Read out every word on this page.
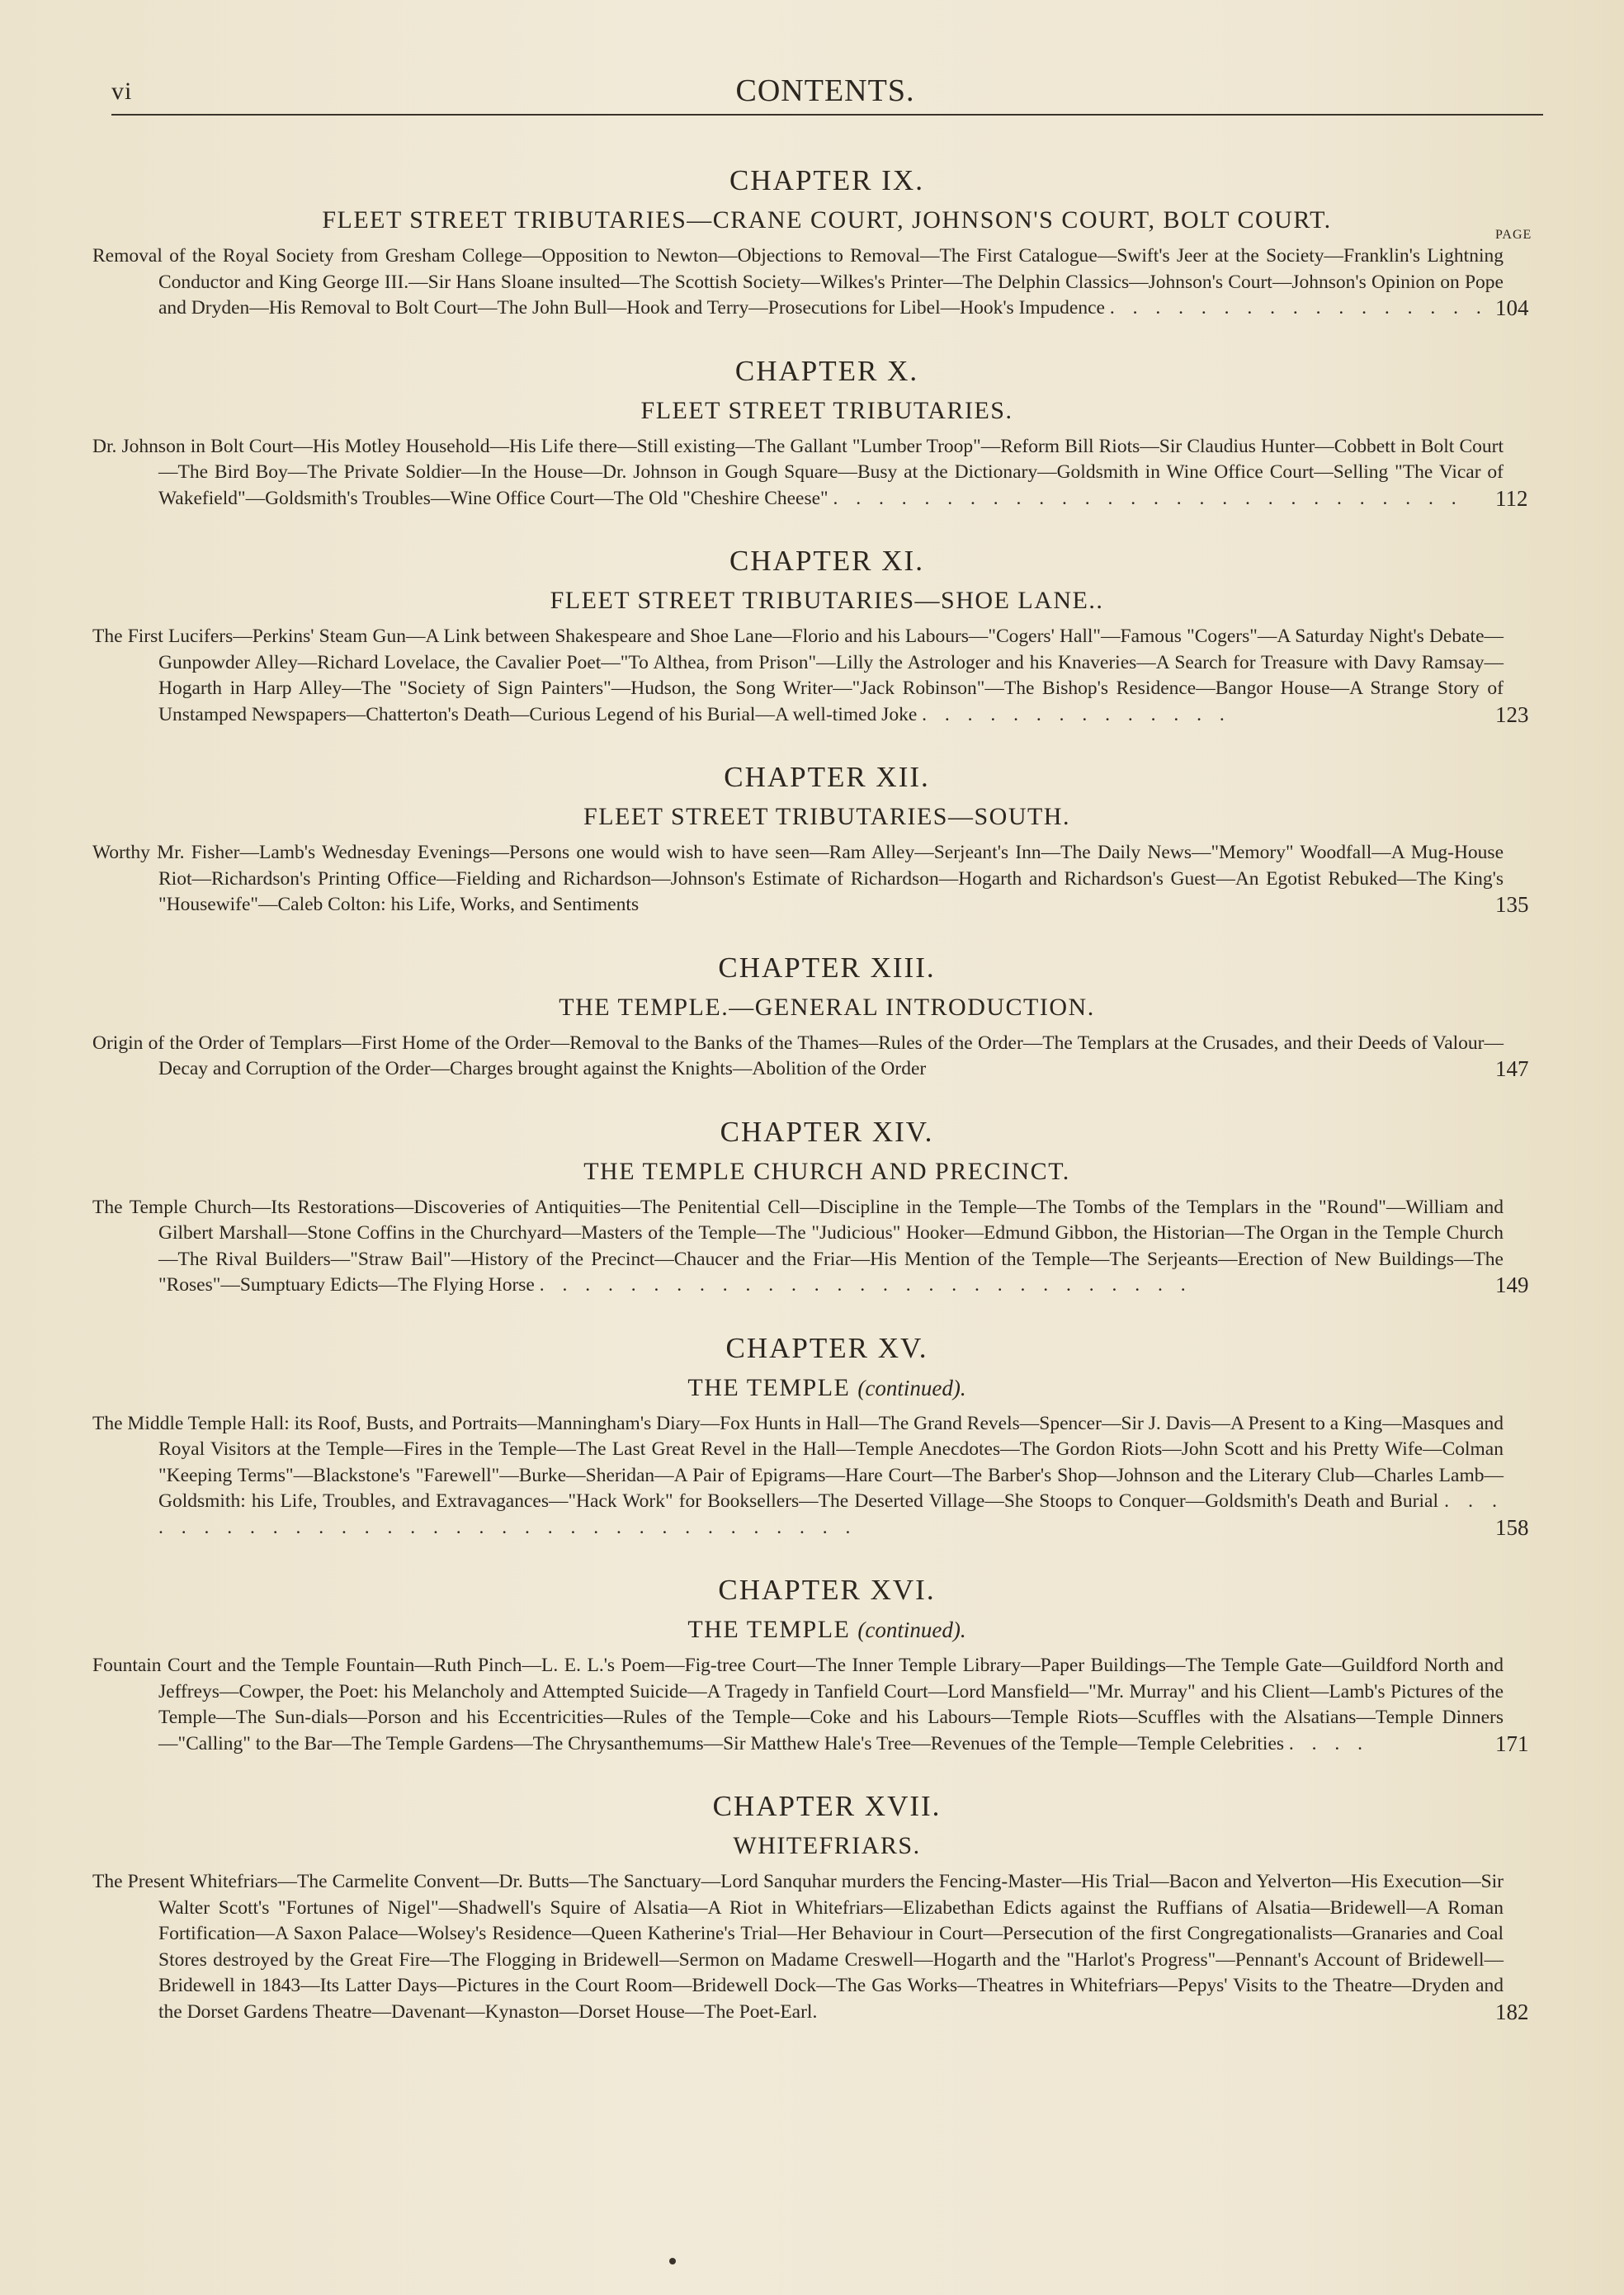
vi	CONTENTS.
CHAPTER IX.
FLEET STREET TRIBUTARIES—CRANE COURT, JOHNSON'S COURT, BOLT COURT.

PAGE
Removal of the Royal Society from Gresham College—Opposition to Newton—Objections to Removal—The First Catalogue—Swift's Jeer at the Society—Franklin's Lightning Conductor and King George III.—Sir Hans Sloane insulted—The Scottish Society—Wilkes's Printer—The Delphin Classics—Johnson's Court—Johnson's Opinion on Pope and Dryden—His Removal to Bolt Court—The John Bull—Hook and Terry—Prosecutions for Libel—Hook's Impudence . . . . . . . . . . . . . . . . . 104

CHAPTER X.
FLEET STREET TRIBUTARIES.

Dr. Johnson in Bolt Court—His Motley Household—His Life there—Still existing—The Gallant "Lumber Troop"—Reform Bill Riots—Sir Claudius Hunter—Cobbett in Bolt Court—The Bird Boy—The Private Soldier—In the House—Dr. Johnson in Gough Square—Busy at the Dictionary—Goldsmith in Wine Office Court—Selling "The Vicar of Wakefield"—Goldsmith's Troubles—Wine Office Court—The Old "Cheshire Cheese" . . . . . . . . . . . . . . . . . . . . . . . . . . . . 112

CHAPTER XI.
FLEET STREET TRIBUTARIES—SHOE LANE..

The First Lucifers—Perkins' Steam Gun—A Link between Shakespeare and Shoe Lane—Florio and his Labours—"Cogers' Hall"—Famous "Cogers"—A Saturday Night's Debate—Gunpowder Alley—Richard Lovelace, the Cavalier Poet—"To Althea, from Prison"—Lilly the Astrologer and his Knaveries—A Search for Treasure with Davy Ramsay—Hogarth in Harp Alley—The "Society of Sign Painters"—Hudson, the Song Writer—"Jack Robinson"—The Bishop's Residence—Bangor House—A Strange Story of Unstamped Newspapers—Chatterton's Death—Curious Legend of his Burial—A well-timed Joke . . . . . . . . . . . . . .	123

CHAPTER XII.
FLEET STREET TRIBUTARIES—SOUTH.

Worthy Mr. Fisher—Lamb's Wednesday Evenings—Persons one would wish to have seen—Ram Alley—Serjeant's Inn—The Daily News—"Memory" Woodfall—A Mug-House Riot—Richardson's Printing Office—Fielding and Richardson—Johnson's Estimate of Richardson—Hogarth and Richardson's Guest—An Egotist Rebuked—The King's "Housewife"—Caleb Colton: his Life, Works, and Sentiments	135

CHAPTER XIII.
THE TEMPLE.—GENERAL INTRODUCTION.

Origin of the Order of Templars—First Home of the Order—Removal to the Banks of the Thames—Rules of the Order—The Templars at the Crusades, and their Deeds of Valour—Decay and Corruption of the Order—Charges brought against the Knights—Abolition of the Order	147

CHAPTER XIV.
THE TEMPLE CHURCH AND PRECINCT.

The Temple Church—Its Restorations—Discoveries of Antiquities—The Penitential Cell—Discipline in the Temple—The Tombs of the Templars in the "Round"—William and Gilbert Marshall—Stone Coffins in the Churchyard—Masters of the Temple—The "Judicious" Hooker—Edmund Gibbon, the Historian—The Organ in the Temple Church—The Rival Builders—"Straw Bail"—History of the Precinct—Chaucer and the Friar—His Mention of the Temple—The Serjeants—Erection of New Buildings—The "Roses"—Sumptuary Edicts—The Flying Horse . . . . . . . . . . . . . . . . . . . . . . . . . . . . .	149

CHAPTER XV.
THE TEMPLE (continued).

The Middle Temple Hall: its Roof, Busts, and Portraits—Manningham's Diary—Fox Hunts in Hall—The Grand Revels—Spencer—Sir J. Davis—A Present to a King—Masques and Royal Visitors at the Temple—Fires in the Temple—The Last Great Revel in the Hall—Temple Anecdotes—The Gordon Riots—John Scott and his Pretty Wife—Colman "Keeping Terms"—Blackstone's "Farewell"—Burke—Sheridan—A Pair of Epigrams—Hare Court—The Barber's Shop—Johnson and the Literary Club—Charles Lamb—Goldsmith: his Life, Troubles, and Extravagances—"Hack Work" for Booksellers—The Deserted Village—She Stoops to Conquer—Goldsmith's Death and Burial . . . . . . . . . . . . . . . . . . . . . . . . . . . . . . . . . .	158

CHAPTER XVI.
THE TEMPLE (continued).

Fountain Court and the Temple Fountain—Ruth Pinch—L. E. L.'s Poem—Fig-tree Court—The Inner Temple Library—Paper Buildings—The Temple Gate—Guildford North and Jeffreys—Cowper, the Poet: his Melancholy and Attempted Suicide—A Tragedy in Tanfield Court—Lord Mansfield—"Mr. Murray" and his Client—Lamb's Pictures of the Temple—The Sun-dials—Porson and his Eccentricities—Rules of the Temple—Coke and his Labours—Temple Riots—Scuffles with the Alsatians—Temple Dinners—"Calling" to the Bar—The Temple Gardens—The Chrysanthemums—Sir Matthew Hale's Tree—Revenues of the Temple—Temple Celebrities . . . .	171

CHAPTER XVII.
WHITEFRIARS.

The Present Whitefriars—The Carmelite Convent—Dr. Butts—The Sanctuary—Lord Sanquhar murders the Fencing-Master—His Trial—Bacon and Yelverton—His Execution—Sir Walter Scott's "Fortunes of Nigel"—Shadwell's Squire of Alsatia—A Riot in Whitefriars—Elizabethan Edicts against the Ruffians of Alsatia—Bridewell—A Roman Fortification—A Saxon Palace—Wolsey's Residence—Queen Katherine's Trial—Her Behaviour in Court—Persecution of the first Congregationalists—Granaries and Coal Stores destroyed by the Great Fire—The Flogging in Bridewell—Sermon on Madame Creswell—Hogarth and the "Harlot's Progress"—Pennant's Account of Bridewell—Bridewell in 1843—Its Latter Days—Pictures in the Court Room—Bridewell Dock—The Gas Works—Theatres in Whitefriars—Pepys' Visits to the Theatre—Dryden and the Dorset Gardens Theatre—Davenant—Kynaston—Dorset House—The Poet-Earl.	182
